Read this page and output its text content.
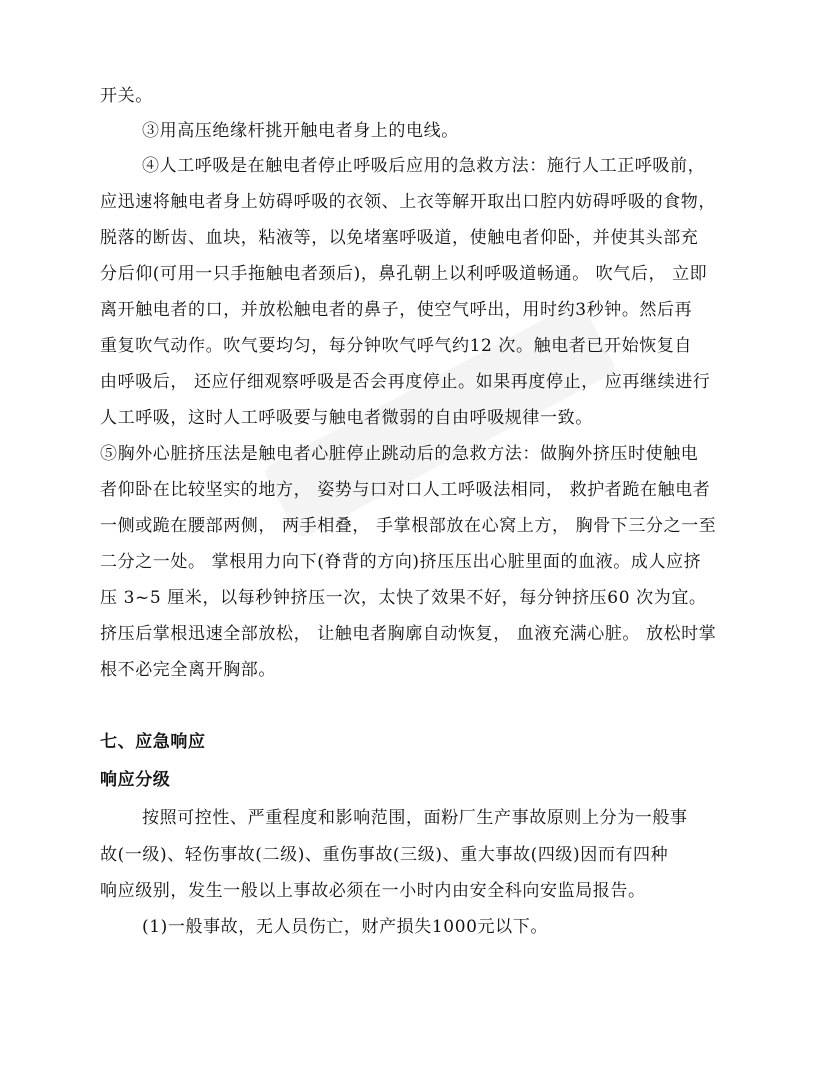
开关。
③用高压绝缘杆挑开触电者身上的电线。
④人工呼吸是在触电者停止呼吸后应用的急救方法：施行人工正呼吸前，
应迅速将触电者身上妨碍呼吸的衣领、上衣等解开取出口腔内妨碍呼吸的食物，
脱落的断齿、血块，粘液等，以免堵塞呼吸道，使触电者仰卧，并使其头部充
分后仰(可用一只手拖触电者颈后)，鼻孔朝上以利呼吸道畅通。 吹气后， 立即
离开触电者的口，并放松触电者的鼻子，使空气呼出，用时约3秒钟。然后再
重复吹气动作。吹气要均匀，每分钟吹气呼气约12 次。触电者已开始恢复自
由呼吸后， 还应仔细观察呼吸是否会再度停止。如果再度停止， 应再继续进行
人工呼吸，这时人工呼吸要与触电者微弱的自由呼吸规律一致。
⑤胸外心脏挤压法是触电者心脏停止跳动后的急救方法：做胸外挤压时使触电
者仰卧在比较坚实的地方， 姿势与口对口人工呼吸法相同， 救护者跪在触电者
一侧或跪在腰部两侧， 两手相叠， 手掌根部放在心窝上方， 胸骨下三分之一至
二分之一处。 掌根用力向下(脊背的方向)挤压压出心脏里面的血液。成人应挤
压 3~5 厘米，以每秒钟挤压一次，太快了效果不好，每分钟挤压60 次为宜。
挤压后掌根迅速全部放松， 让触电者胸廓自动恢复， 血液充满心脏。 放松时掌
根不必完全离开胸部。
七、应急响应
响应分级
按照可控性、严重程度和影响范围，面粉厂生产事故原则上分为一般事
故(一级)、轻伤事故(二级)、重伤事故(三级)、重大事故(四级)因而有四种
响应级别，发生一般以上事故必须在一小时内由安全科向安监局报告。
(1)一般事故，无人员伤亡，财产损失1000元以下。
